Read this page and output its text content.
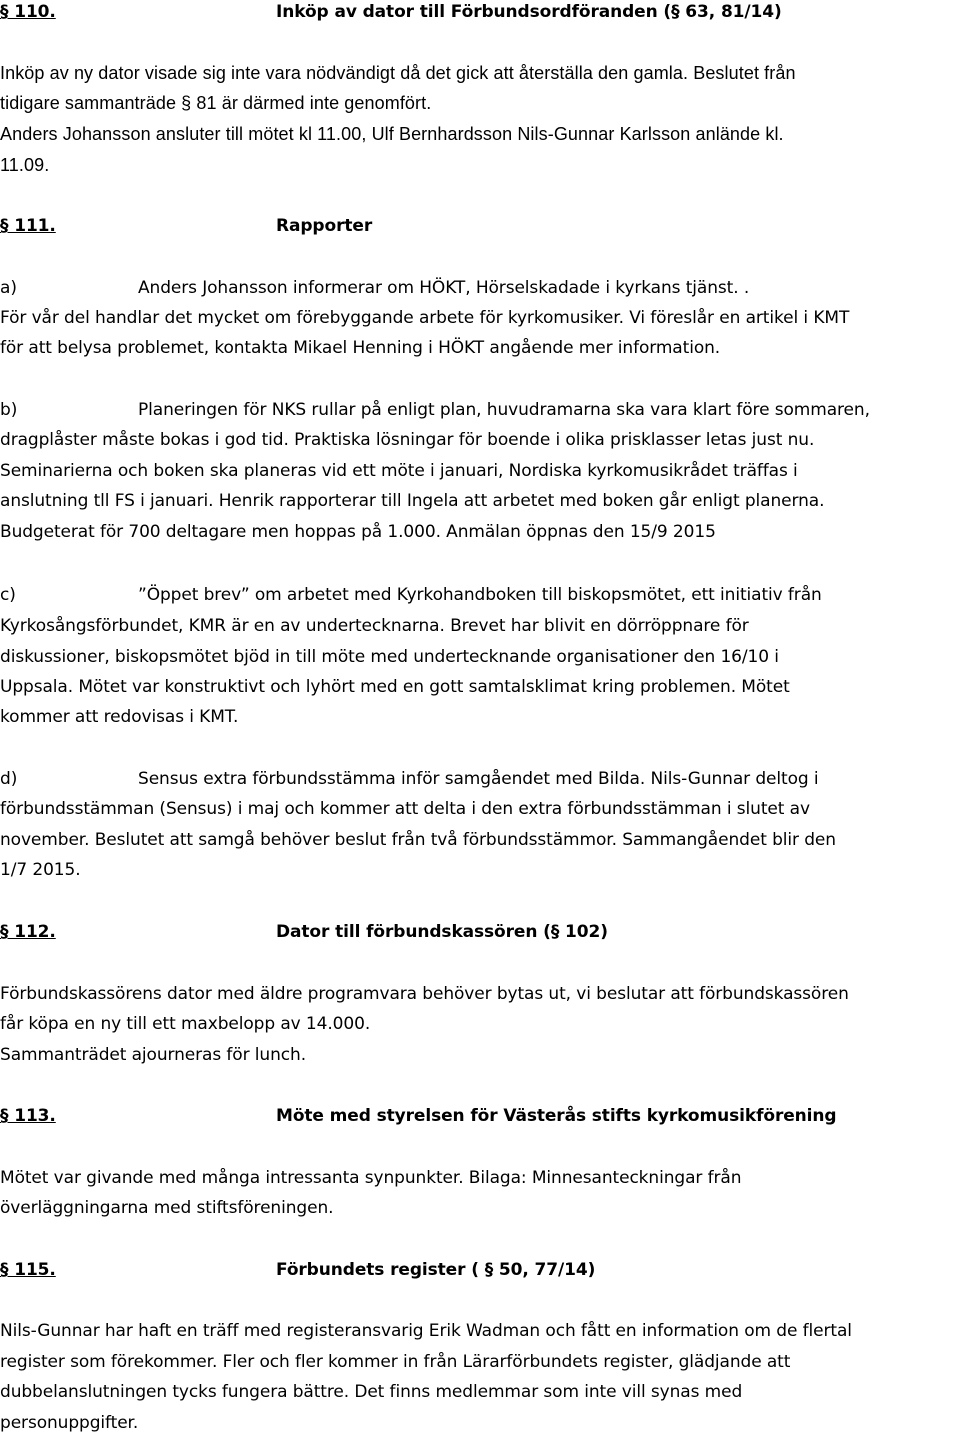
§ 110.	Inköp av dator till Förbundsordföranden (§ 63, 81/14)
Inköp av ny dator visade sig inte vara nödvändigt då det gick att återställa den gamla. Beslutet från
tidigare sammanträde § 81 är därmed inte genomfört.
Anders Johansson ansluter till mötet kl 11.00, Ulf Bernhardsson Nils-Gunnar Karlsson anlände kl.
11.09.
§ 111.	Rapporter
a)	Anders Johansson informerar om HÖKT, Hörselskadade i kyrkans tjänst. .
För vår del handlar det mycket om förebyggande arbete för kyrkomusiker. Vi föreslår en artikel i KMT
för att belysa problemet, kontakta Mikael Henning i HÖKT angående mer information.
b)	Planeringen för NKS rullar på enligt plan, huvudramarna ska vara klart före sommaren,
dragplåster måste bokas i god tid. Praktiska lösningar för boende i olika prisklasser letas just nu.
Seminarierna och boken ska planeras vid ett möte i januari, Nordiska kyrkomusikrådet träffas i
anslutning tll FS i januari. Henrik rapporterar till Ingela att arbetet med boken går enligt planerna.
Budgeterat för 700 deltagare men hoppas på 1.000. Anmälan öppnas den 15/9 2015
c)	”Öppet brev” om arbetet med Kyrkohandboken till biskopsmötet, ett initiativ från
Kyrkosångsförbundet, KMR är en av undertecknarna. Brevet har blivit en dörröppnare för
diskussioner, biskopsmötet bjöd in till möte med undertecknande organisationer den 16/10 i
Uppsala. Mötet var konstruktivt och lyhört med en gott samtalsklimat kring problemen. Mötet
kommer att redovisas i KMT.
d)	Sensus extra förbundsstämma inför samgåendet med Bilda. Nils-Gunnar deltog i
förbundsstämman (Sensus) i maj och kommer att delta i den extra förbundsstämman i slutet av
november. Beslutet att samgå behöver beslut från två förbundsstämmor. Sammangåendet blir den
1/7 2015.
§ 112.	Dator till förbundskassören (§ 102)
Förbundskassörens dator med äldre programvara behöver bytas ut, vi beslutar att förbundskassören
får köpa en ny till ett maxbelopp av 14.000.
Sammanträdet ajourneras för lunch.
§ 113.	Möte med styrelsen för Västerås stifts kyrkomusikförening
Mötet var givande med många intressanta synpunkter. Bilaga: Minnesanteckningar från
överläggningarna med stiftsföreningen.
§ 115.	Förbundets register ( § 50, 77/14)
Nils-Gunnar har haft en träff med registeransvarig Erik Wadman och fått en information om de flertal
register som förekommer. Fler och fler kommer in från Lärarförbundets register, glädjande att
dubbelanslutningen tycks fungera bättre. Det finns medlemmar som inte vill synas med
personuppgifter.
